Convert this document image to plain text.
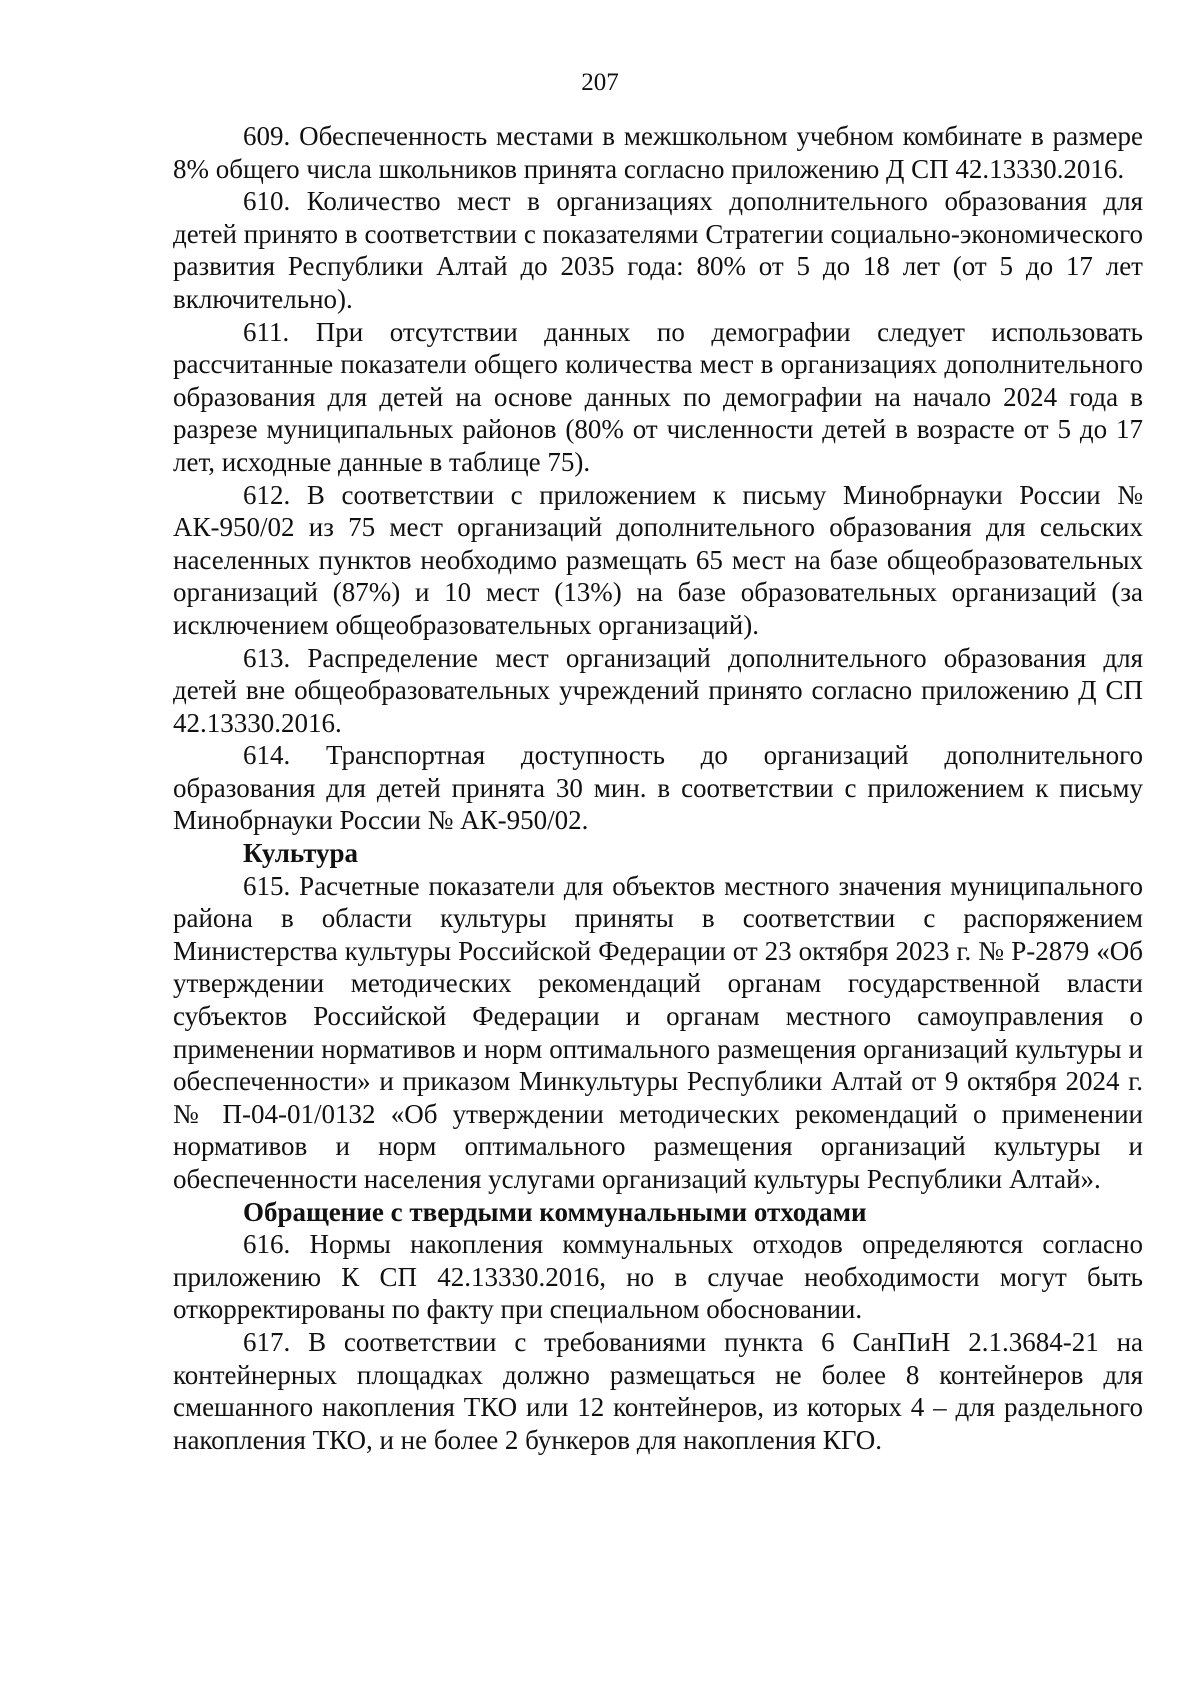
207

609. Обеспеченность местами в межшкольном учебном комбинате в размере 8% общего числа школьников принята согласно приложению Д СП 42.13330.2016.

610. Количество мест в организациях дополнительного образования для детей принято в соответствии с показателями Стратегии социально-экономического развития Республики Алтай до 2035 года: 80% от 5 до 18 лет (от 5 до 17 лет включительно).

611. При отсутствии данных по демографии следует использовать рассчитанные показатели общего количества мест в организациях дополнительного образования для детей на основе данных по демографии на начало 2024 года в разрезе муниципальных районов (80% от численности детей в возрасте от 5 до 17 лет, исходные данные в таблице 75).

612. В соответствии с приложением к письму Минобрнауки России № АК-950/02 из 75 мест организаций дополнительного образования для сельских населенных пунктов необходимо размещать 65 мест на базе общеобразовательных организаций (87%) и 10 мест (13%) на базе образовательных организаций (за исключением общеобразовательных организаций).

613. Распределение мест организаций дополнительного образования для детей вне общеобразовательных учреждений принято согласно приложению Д СП 42.13330.2016.

614. Транспортная доступность до организаций дополнительного образования для детей принята 30 мин. в соответствии с приложением к письму Минобрнауки России № АК-950/02.

Культура

615. Расчетные показатели для объектов местного значения муниципального района в области культуры приняты в соответствии с распоряжением Министерства культуры Российской Федерации от 23 октября 2023 г. № Р-2879 «Об утверждении методических рекомендаций органам государственной власти субъектов Российской Федерации и органам местного самоуправления о применении нормативов и норм оптимального размещения организаций культуры и обеспеченности» и приказом Минкультуры Республики Алтай от 9 октября 2024 г. № П-04-01/0132 «Об утверждении методических рекомендаций о применении нормативов и норм оптимального размещения организаций культуры и обеспеченности населения услугами организаций культуры Республики Алтай».

Обращение с твердыми коммунальными отходами

616. Нормы накопления коммунальных отходов определяются согласно приложению К СП 42.13330.2016, но в случае необходимости могут быть откорректированы по факту при специальном обосновании.

617. В соответствии с требованиями пункта 6 СанПиН 2.1.3684-21 на контейнерных площадках должно размещаться не более 8 контейнеров для смешанного накопления ТКО или 12 контейнеров, из которых 4 – для раздельного накопления ТКО, и не более 2 бункеров для накопления КГО.
